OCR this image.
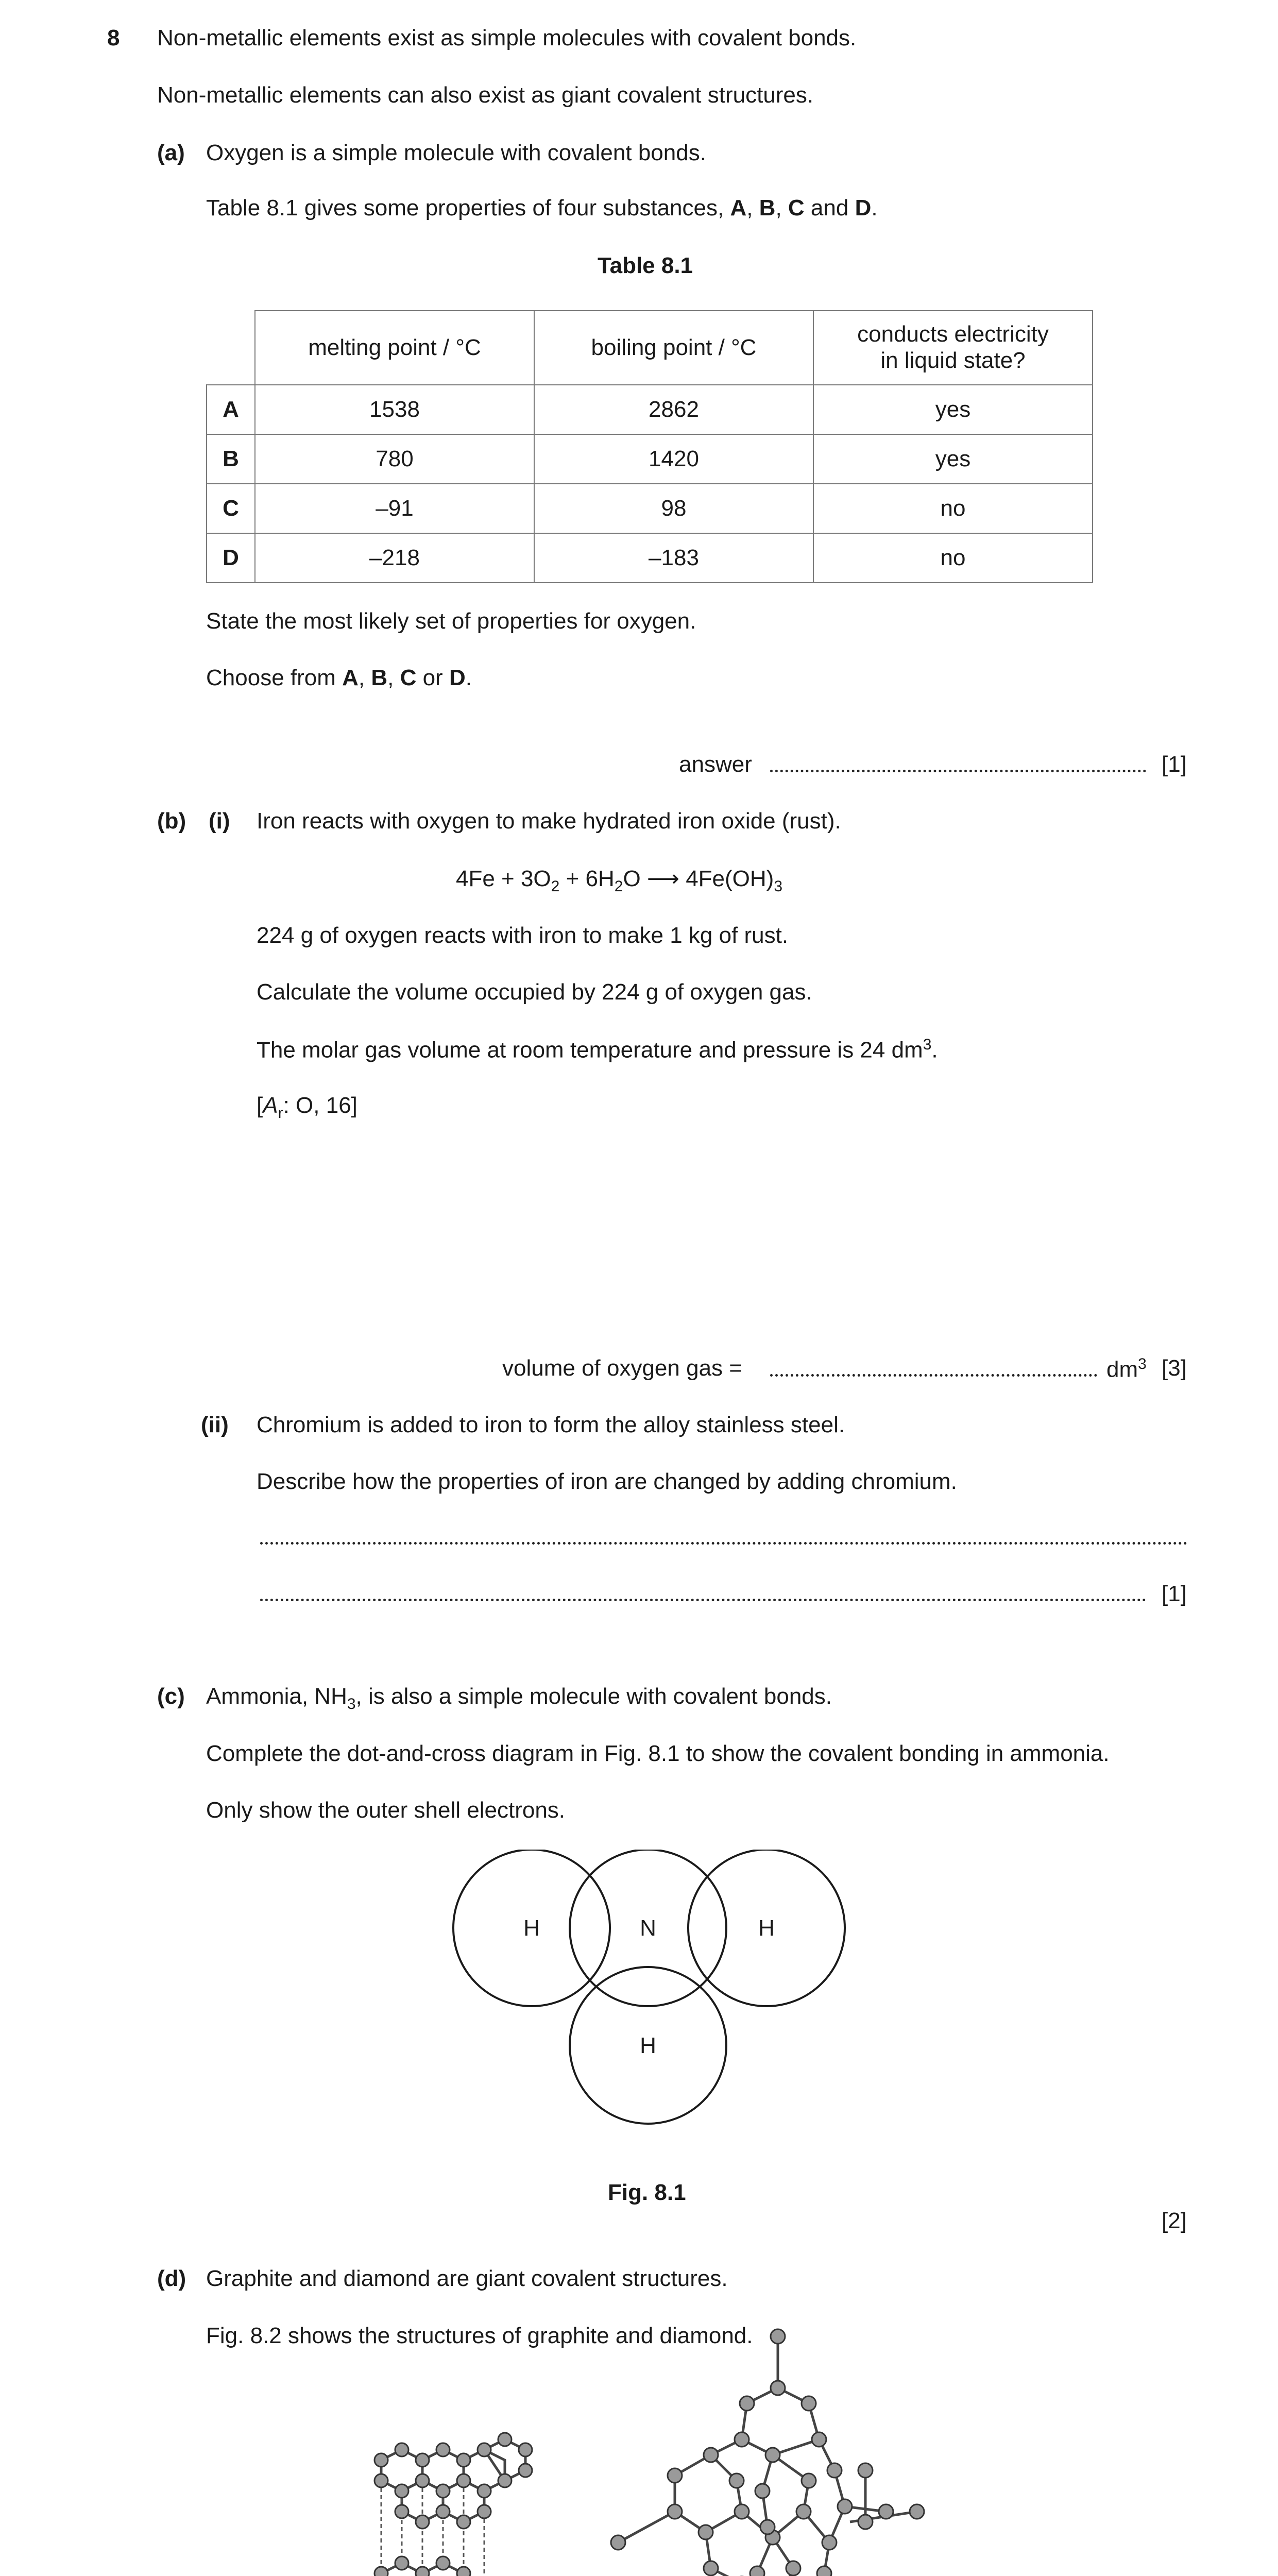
8 Non-metallic elements exist as simple molecules with covalent bonds.
Non-metallic elements can also exist as giant covalent structures.
(a) Oxygen is a simple molecule with covalent bonds.
Table 8.1 gives some properties of four substances, A, B, C and D.
Table 8.1
	melting point / °C	boiling point / °C	conducts electricity
in liquid state?
A	1538	2862	yes
B	780	1420	yes
C	–91	98	no
D	–218	–183	no
State the most likely set of properties for oxygen.
Choose from A, B, C or D.
answer	[1]
(b) (i) Iron reacts with oxygen to make hydrated iron oxide (rust).
$4Fe + 3O_2 + 6H_2O$ ⟶ $4Fe(OH)_3$
224 g of oxygen reacts with iron to make 1 kg of rust.
Calculate the volume occupied by 224 g of oxygen gas.
The molar gas volume at room temperature and pressure is 24 $dm^3$.
[$A_r$: O, 16]
volume of oxygen gas =	$dm^3$ [3]
(ii) Chromium is added to iron to form the alloy stainless steel.
Describe how the properties of iron are changed by adding chromium.
[1]
(c) Ammonia, $NH_3$, is also a simple molecule with covalent bonds.
Complete the dot-and-cross diagram in Fig. 8.1 to show the covalent bonding in ammonia.
Only show the outer shell electrons.
H	N	H
H
Fig. 8.1
[2]
(d) Graphite and diamond are giant covalent structures.
Fig. 8.2 shows the structures of graphite and diamond.
